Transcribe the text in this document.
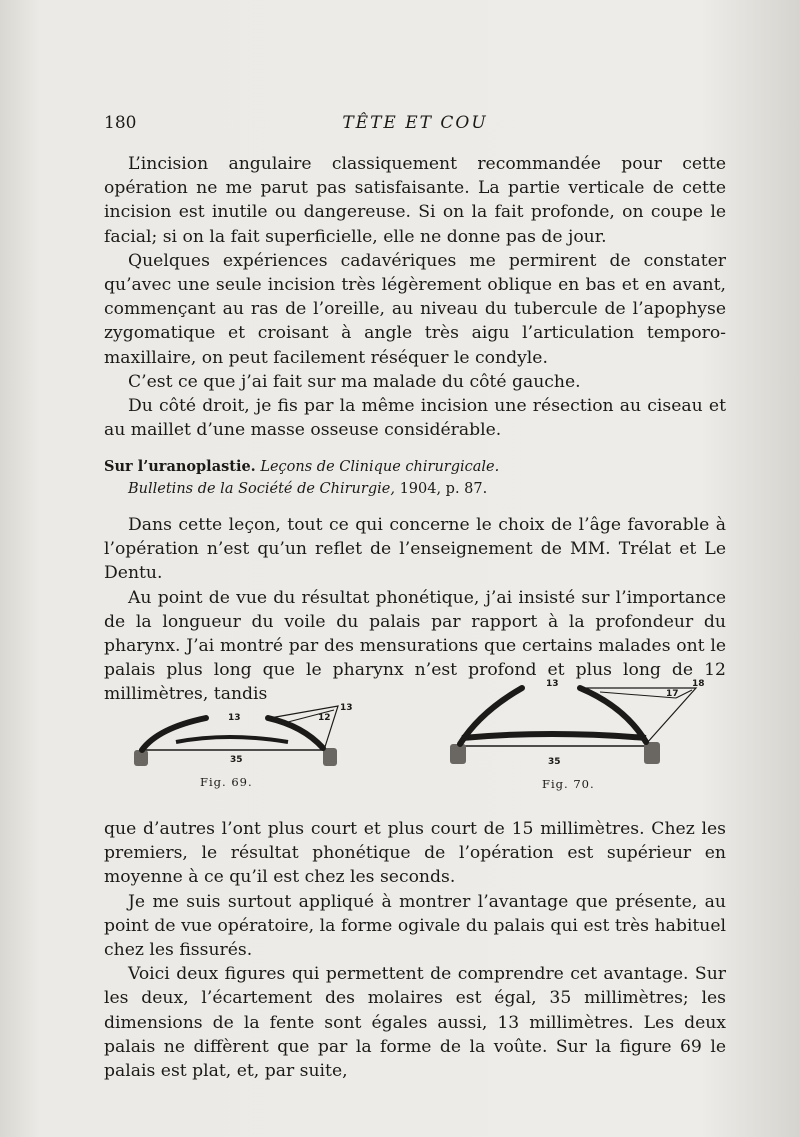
180	TÊTE ET COU

L’incision angulaire classiquement recommandée pour cette opération ne me parut pas satisfaisante. La partie verticale de cette incision est inutile ou dangereuse. Si on la fait profonde, on coupe le facial; si on la fait superficielle, elle ne donne pas de jour.

Quelques expériences cadavériques me permirent de constater qu’avec une seule incision très légèrement oblique en bas et en avant, commençant au ras de l’oreille, au niveau du tubercule de l’apophyse zygomatique et croisant à angle très aigu l’articulation temporo-maxillaire, on peut facilement réséquer le condyle.

C’est ce que j’ai fait sur ma malade du côté gauche.

Du côté droit, je fis par la même incision une résection au ciseau et au maillet d’une masse osseuse considérable.

Sur l’uranoplastie. Leçons de Clinique chirurgicale.
Bulletins de la Société de Chirurgie, 1904, p. 87.

Dans cette leçon, tout ce qui concerne le choix de l’âge favorable à l’opération n’est qu’un reflet de l’enseignement de MM. Trélat et Le Dentu.

Au point de vue du résultat phonétique, j’ai insisté sur l’importance de la longueur du voile du palais par rapport à la profondeur du pharynx. J’ai montré par des mensurations que certains malades ont le palais plus long que le pharynx n’est profond et plus long de 12 millimètres, tandis

13
35
12
13
Fig. 69.
13
35
17
18
Fig. 70.

que d’autres l’ont plus court et plus court de 15 millimètres. Chez les premiers, le résultat phonétique de l’opération est supérieur en moyenne à ce qu’il est chez les seconds.

Je me suis surtout appliqué à montrer l’avantage que présente, au point de vue opératoire, la forme ogivale du palais qui est très habituel chez les fissurés.

Voici deux figures qui permettent de comprendre cet avantage. Sur les deux, l’écartement des molaires est égal, 35 millimètres; les dimensions de la fente sont égales aussi, 13 millimètres. Les deux palais ne diffèrent que par la forme de la voûte. Sur la figure 69 le palais est plat, et, par suite,
